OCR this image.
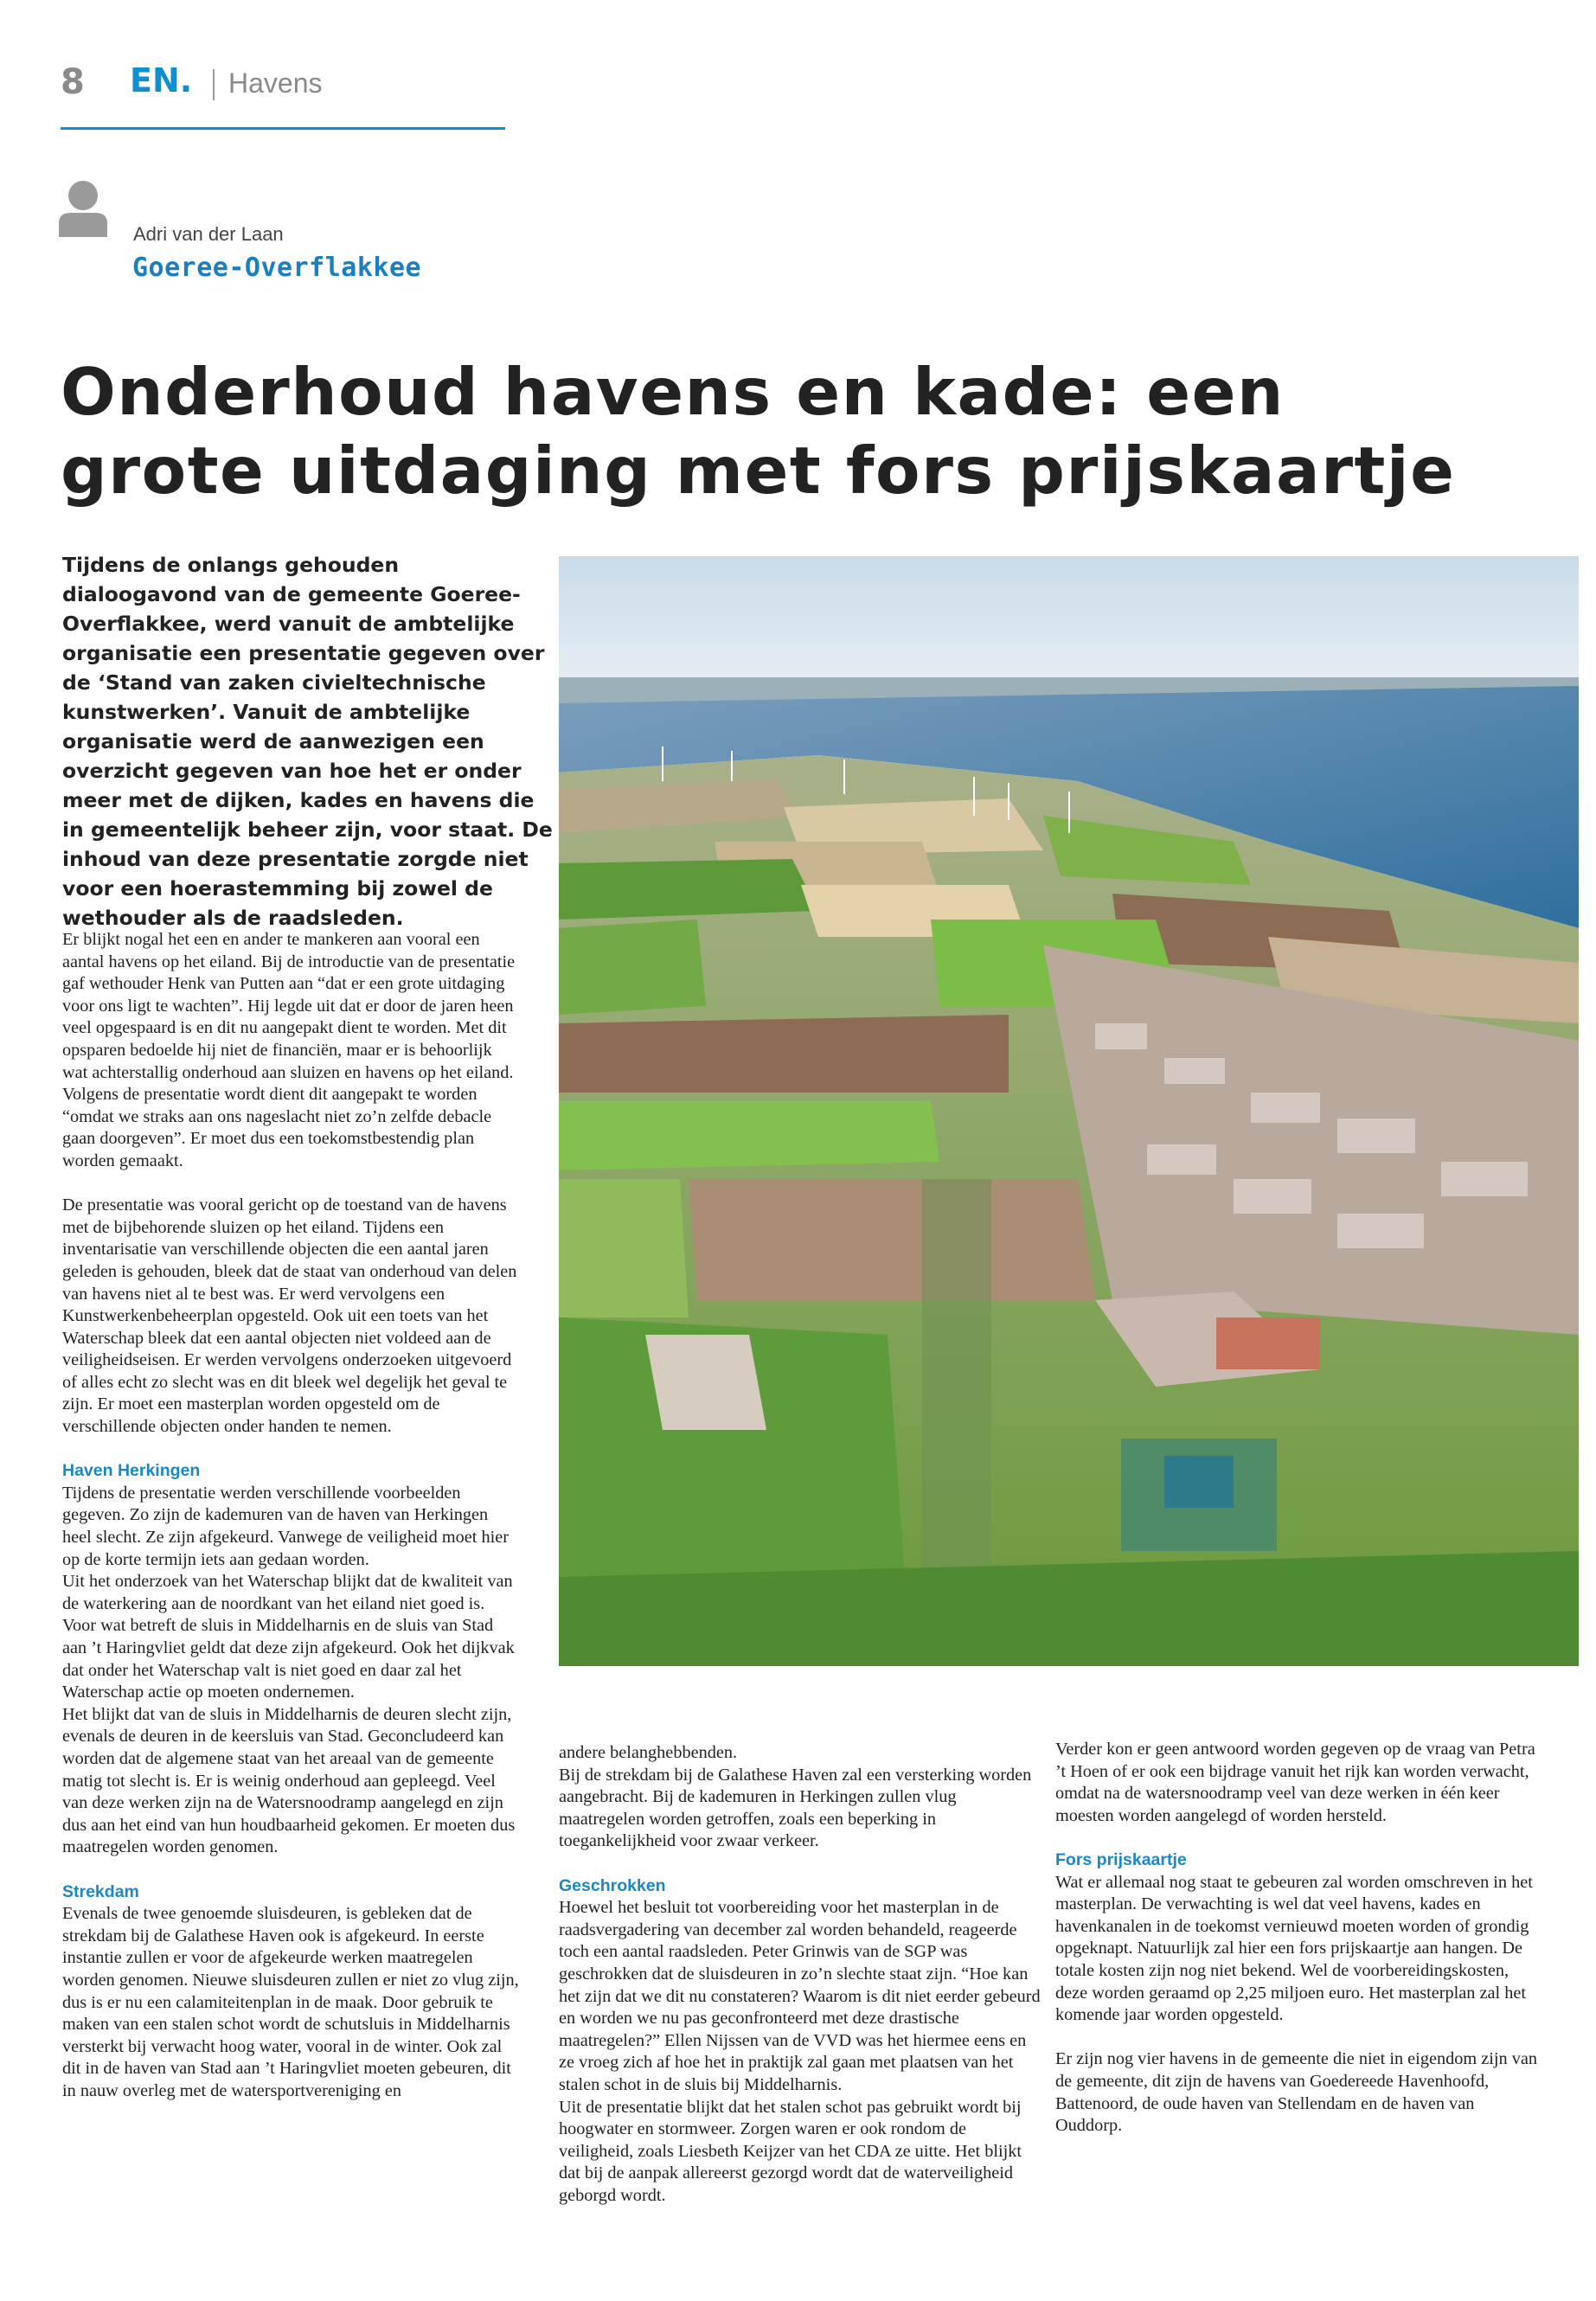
8 EN. Havens
Adri van der Laan
Goeree-Overflakkee
Onderhoud havens en kade: een
grote uitdaging met fors prijskaartje

Tijdens de onlangs gehouden dialoogavond van de gemeente Goeree-Overflakkee, werd vanuit de ambtelijke organisatie een presentatie gegeven over de ‘Stand van zaken civieltechnische kunstwerken’. Vanuit de ambtelijke organisatie werd de aanwezigen een overzicht gegeven van hoe het er onder meer met de dijken, kades en havens die in gemeentelijk beheer zijn, voor staat. De inhoud van deze presentatie zorgde niet voor een hoerastemming bij zowel de wethouder als de raadsleden.

Er blijkt nogal het een en ander te mankeren aan vooral een aantal havens op het eiland. Bij de introductie van de presentatie gaf wethouder Henk van Putten aan “dat er een grote uitdaging voor ons ligt te wachten”. Hij legde uit dat er door de jaren heen veel opgespaard is en dit nu aangepakt dient te worden. Met dit opsparen bedoelde hij niet de financiën, maar er is behoorlijk wat achterstallig onderhoud aan sluizen en havens op het eiland. Volgens de presentatie wordt dient dit aangepakt te worden “omdat we straks aan ons nageslacht niet zo’n zelfde debacle gaan doorgeven”. Er moet dus een toekomstbestendig plan worden gemaakt.

De presentatie was vooral gericht op de toestand van de havens met de bijbehorende sluizen op het eiland. Tijdens een inventarisatie van verschillende objecten die een aantal jaren geleden is gehouden, bleek dat de staat van onderhoud van delen van havens niet al te best was. Er werd vervolgens een Kunstwerkenbeheerplan opgesteld. Ook uit een toets van het Waterschap bleek dat een aantal objecten niet voldeed aan de veiligheidseisen. Er werden vervolgens onderzoeken uitgevoerd of alles echt zo slecht was en dit bleek wel degelijk het geval te zijn. Er moet een masterplan worden opgesteld om de verschillende objecten onder handen te nemen.

Haven Herkingen

Tijdens de presentatie werden verschillende voorbeelden gegeven. Zo zijn de kademuren van de haven van Herkingen heel slecht. Ze zijn afgekeurd. Vanwege de veiligheid moet hier op de korte termijn iets aan gedaan worden.

Uit het onderzoek van het Waterschap blijkt dat de kwaliteit van de waterkering aan de noordkant van het eiland niet goed is. Voor wat betreft de sluis in Middelharnis en de sluis van Stad aan ’t Haringvliet geldt dat deze zijn afgekeurd. Ook het dijkvak dat onder het Waterschap valt is niet goed en daar zal het Waterschap actie op moeten ondernemen.

Het blijkt dat van de sluis in Middelharnis de deuren slecht zijn, evenals de deuren in de keersluis van Stad. Geconcludeerd kan worden dat de algemene staat van het areaal van de gemeente matig tot slecht is. Er is weinig onderhoud aan gepleegd. Veel van deze werken zijn na de Watersnoodramp aangelegd en zijn dus aan het eind van hun houdbaarheid gekomen. Er moeten dus maatregelen worden genomen.

Strekdam

Evenals de twee genoemde sluisdeuren, is gebleken dat de strekdam bij de Galathese Haven ook is afgekeurd. In eerste instantie zullen er voor de afgekeurde werken maatregelen worden genomen. Nieuwe sluisdeuren zullen er niet zo vlug zijn, dus is er nu een calamiteitenplan in de maak. Door gebruik te maken van een stalen schot wordt de schutsluis in Middelharnis versterkt bij verwacht hoog water, vooral in de winter. Ook zal dit in de haven van Stad aan ’t Haringvliet moeten gebeuren, dit in nauw overleg met de watersportvereniging en

andere belanghebbenden.

Bij de strekdam bij de Galathese Haven zal een versterking worden aangebracht. Bij de kademuren in Herkingen zullen vlug maatregelen worden getroffen, zoals een beperking in toegankelijkheid voor zwaar verkeer.

Geschrokken

Hoewel het besluit tot voorbereiding voor het masterplan in de raadsvergadering van december zal worden behandeld, reageerde toch een aantal raadsleden. Peter Grinwis van de SGP was geschrokken dat de sluisdeuren in zo’n slechte staat zijn. “Hoe kan het zijn dat we dit nu constateren? Waarom is dit niet eerder gebeurd en worden we nu pas geconfronteerd met deze drastische maatregelen?” Ellen Nijssen van de VVD was het hiermee eens en ze vroeg zich af hoe het in praktijk zal gaan met plaatsen van het stalen schot in de sluis bij Middelharnis.

Uit de presentatie blijkt dat het stalen schot pas gebruikt wordt bij hoogwater en stormweer. Zorgen waren er ook rondom de veiligheid, zoals Liesbeth Keijzer van het CDA ze uitte. Het blijkt dat bij de aanpak allereerst gezorgd wordt dat de waterveiligheid geborgd wordt.

Verder kon er geen antwoord worden gegeven op de vraag van Petra ’t Hoen of er ook een bijdrage vanuit het rijk kan worden verwacht, omdat na de watersnoodramp veel van deze werken in één keer moesten worden aangelegd of worden hersteld.

Fors prijskaartje

Wat er allemaal nog staat te gebeuren zal worden omschreven in het masterplan. De verwachting is wel dat veel havens, kades en havenkanalen in de toekomst vernieuwd moeten worden of grondig opgeknapt. Natuurlijk zal hier een fors prijskaartje aan hangen. De totale kosten zijn nog niet bekend. Wel de voorbereidingskosten, deze worden geraamd op 2,25 miljoen euro. Het masterplan zal het komende jaar worden opgesteld.

Er zijn nog vier havens in de gemeente die niet in eigendom zijn van de gemeente, dit zijn de havens van Goedereede Havenhoofd, Battenoord, de oude haven van Stellendam en de haven van Ouddorp.
